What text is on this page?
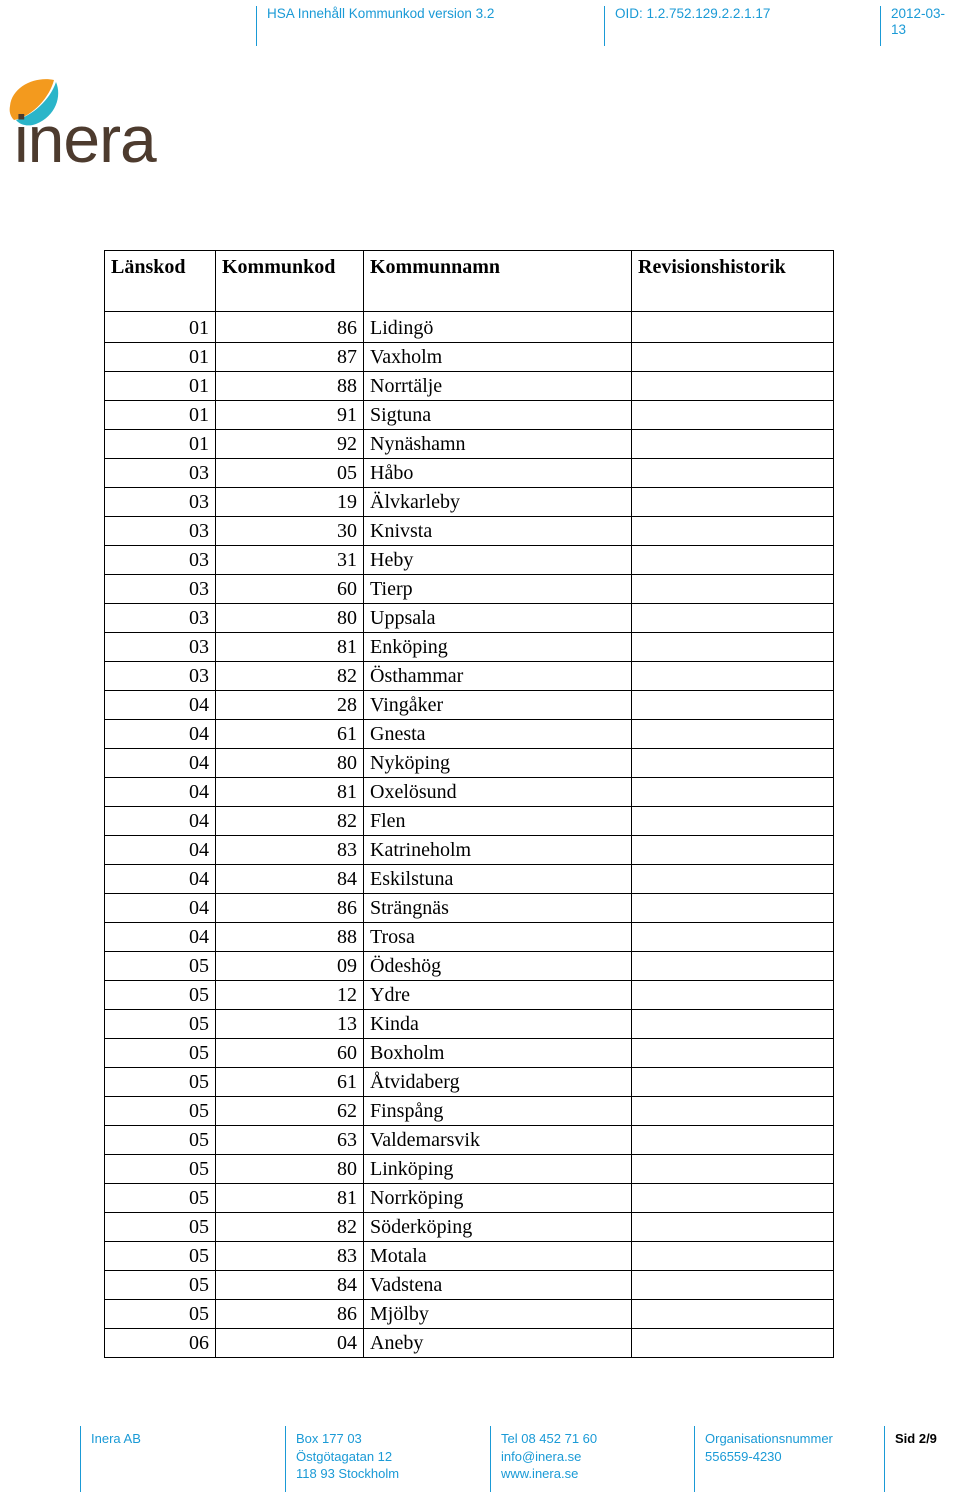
HSA Innehåll Kommunkod version 3.2	OID: 1.2.752.129.2.2.1.17	2012-03-13
inera
Länskod	Kommunkod	Kommunnamn	Revisionshistorik
01	86	Lidingö	
01	87	Vaxholm	
01	88	Norrtälje	
01	91	Sigtuna	
01	92	Nynäshamn	
03	05	Håbo	
03	19	Älvkarleby	
03	30	Knivsta	
03	31	Heby	
03	60	Tierp	
03	80	Uppsala	
03	81	Enköping	
03	82	Östhammar	
04	28	Vingåker	
04	61	Gnesta	
04	80	Nyköping	
04	81	Oxelösund	
04	82	Flen	
04	83	Katrineholm	
04	84	Eskilstuna	
04	86	Strängnäs	
04	88	Trosa	
05	09	Ödeshög	
05	12	Ydre	
05	13	Kinda	
05	60	Boxholm	
05	61	Åtvidaberg	
05	62	Finspång	
05	63	Valdemarsvik	
05	80	Linköping	
05	81	Norrköping	
05	82	Söderköping	
05	83	Motala	
05	84	Vadstena	
05	86	Mjölby	
06	04	Aneby	
Inera AB	Box 177 03
Östgötagatan 12
118 93 Stockholm
Tel 08 452 71 60
info@inera.se
www.inera.se
Organisationsnummer
556559-4230
Sid 2/9
